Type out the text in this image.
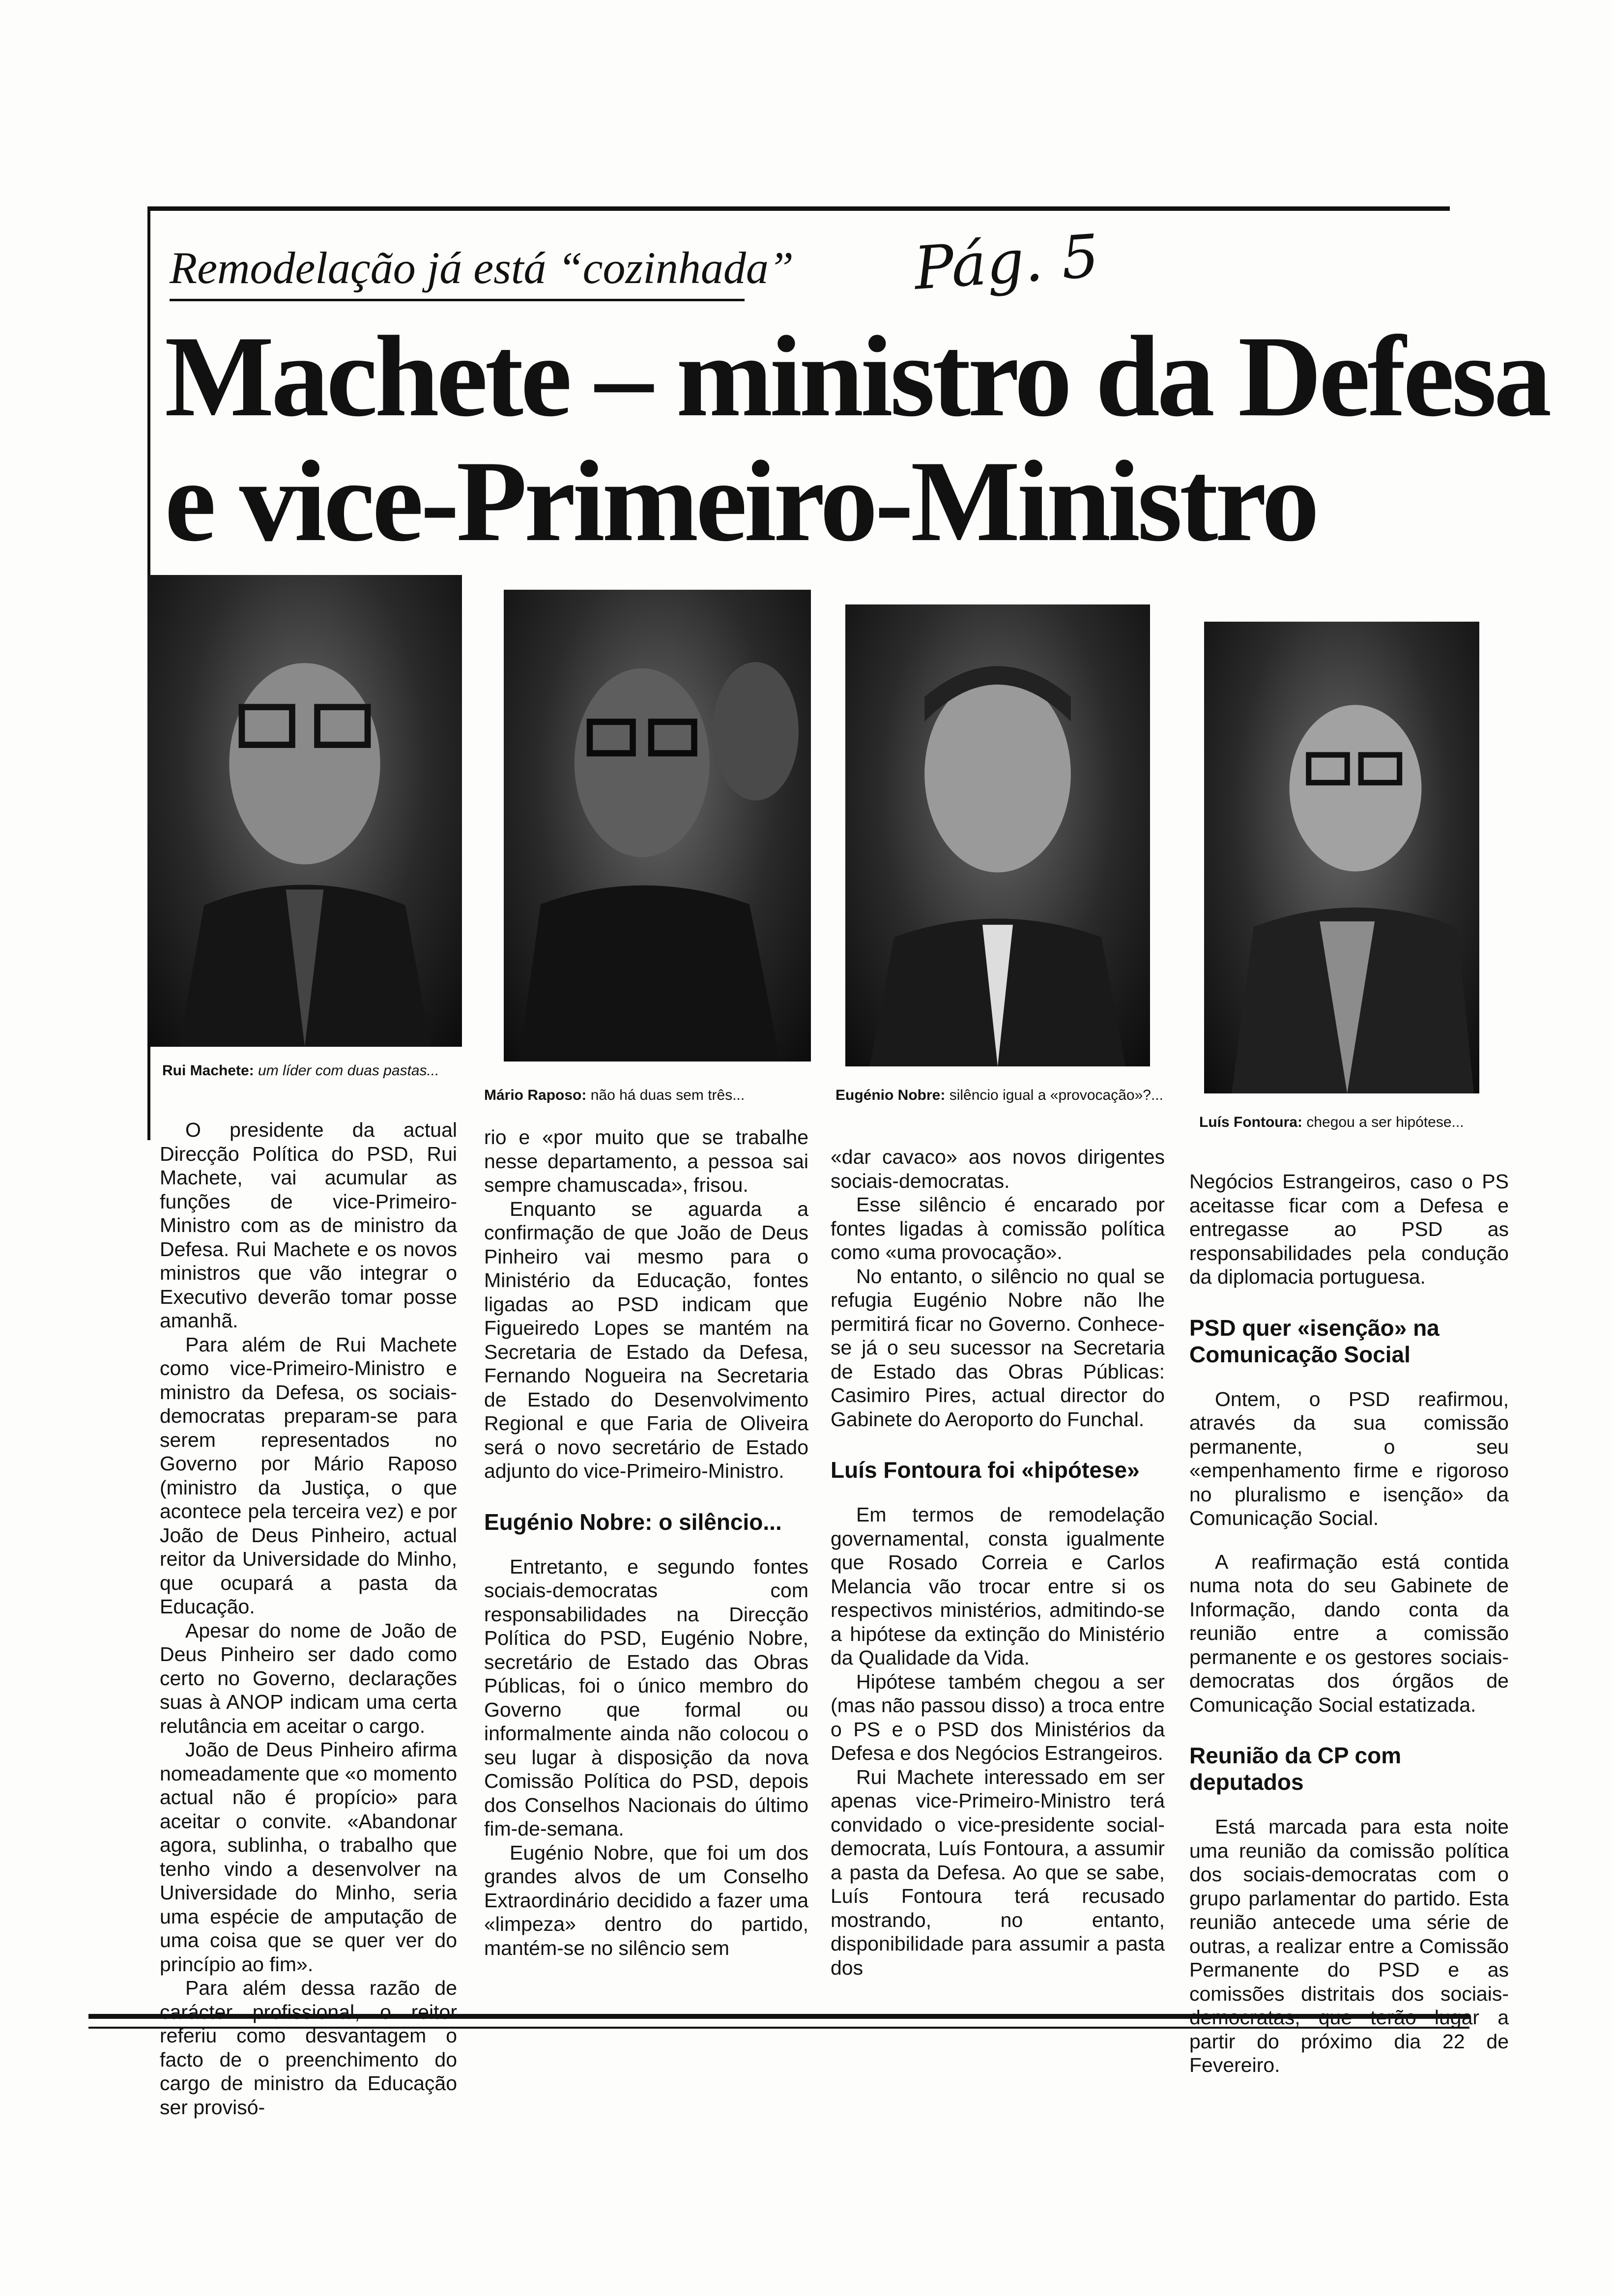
Remodelação já está “cozinhada” Pág. 5
Machete – ministro da Defesa
e vice-Primeiro-Ministro
Rui Machete: um líder com duas pastas...
Mário Raposo: não há duas sem três...	Eugénio Nobre: silêncio igual a «provocação»?...
Luís Fontoura: chegou a ser hipótese...

O presidente da actual Direcção Política do PSD, Rui Machete, vai acumular as funções de vice-Primeiro-Ministro com as de ministro da Defesa. Rui Machete e os novos ministros que vão integrar o Executivo deverão tomar posse amanhã.

Para além de Rui Machete como vice-Primeiro-Ministro e ministro da Defesa, os sociais-democratas preparam-se para serem representados no Governo por Mário Raposo (ministro da Justiça, o que acontece pela terceira vez) e por João de Deus Pinheiro, actual reitor da Universidade do Minho, que ocupará a pasta da Educação.

Apesar do nome de João de Deus Pinheiro ser dado como certo no Governo, declarações suas à ANOP indicam uma certa relutância em aceitar o cargo.

João de Deus Pinheiro afirma nomeadamente que «o momento actual não é propício» para aceitar o convite. «Abandonar agora, sublinha, o trabalho que tenho vindo a desenvolver na Universidade do Minho, seria uma espécie de amputação de uma coisa que se quer ver do princípio ao fim».

Para além dessa razão de carácter profissional, o reitor referiu como desvantagem o facto de o preenchimento do cargo de ministro da Educação ser provisó-

rio e «por muito que se trabalhe nesse departamento, a pessoa sai sempre chamuscada», frisou.

Enquanto se aguarda a confirmação de que João de Deus Pinheiro vai mesmo para o Ministério da Educação, fontes ligadas ao PSD indicam que Figueiredo Lopes se mantém na Secretaria de Estado da Defesa, Fernando Nogueira na Secretaria de Estado do Desenvolvimento Regional e que Faria de Oliveira será o novo secretário de Estado adjunto do vice-Primeiro-Ministro.

Eugénio Nobre: o silêncio...

Entretanto, e segundo fontes sociais-democratas com responsabilidades na Direcção Política do PSD, Eugénio Nobre, secretário de Estado das Obras Públicas, foi o único membro do Governo que formal ou informalmente ainda não colocou o seu lugar à disposição da nova Comissão Política do PSD, depois dos Conselhos Nacionais do último fim-de-semana.

Eugénio Nobre, que foi um dos grandes alvos de um Conselho Extraordinário decidido a fazer uma «limpeza» dentro do partido, mantém-se no silêncio sem

«dar cavaco» aos novos dirigentes sociais-democratas.

Esse silêncio é encarado por fontes ligadas à comissão política como «uma provocação».

No entanto, o silêncio no qual se refugia Eugénio Nobre não lhe permitirá ficar no Governo. Conhece-se já o seu sucessor na Secretaria de Estado das Obras Públicas: Casimiro Pires, actual director do Gabinete do Aeroporto do Funchal.

Luís Fontoura foi «hipótese»

Em termos de remodelação governamental, consta igualmente que Rosado Correia e Carlos Melancia vão trocar entre si os respectivos ministérios, admitindo-se a hipótese da extinção do Ministério da Qualidade da Vida.

Hipótese também chegou a ser (mas não passou disso) a troca entre o PS e o PSD dos Ministérios da Defesa e dos Negócios Estrangeiros.

Rui Machete interessado em ser apenas vice-Primeiro-Ministro terá convidado o vice-presidente social-democrata, Luís Fontoura, a assumir a pasta da Defesa. Ao que se sabe, Luís Fontoura terá recusado mostrando, no entanto, disponibilidade para assumir a pasta dos

Negócios Estrangeiros, caso o PS aceitasse ficar com a Defesa e entregasse ao PSD as responsabilidades pela condução da diplomacia portuguesa.

PSD quer «isenção» na Comunicação Social

Ontem, o PSD reafirmou, através da sua comissão permanente, o seu «empenhamento firme e rigoroso no pluralismo e isenção» da Comunicação Social.

A reafirmação está contida numa nota do seu Gabinete de Informação, dando conta da reunião entre a comissão permanente e os gestores sociais-democratas dos órgãos de Comunicação Social estatizada.

Reunião da CP com deputados

Está marcada para esta noite uma reunião da comissão política dos sociais-democratas com o grupo parlamentar do partido. Esta reunião antecede uma série de outras, a realizar entre a Comissão Permanente do PSD e as comissões distritais dos sociais-democratas, que terão lugar a partir do próximo dia 22 de Fevereiro.
